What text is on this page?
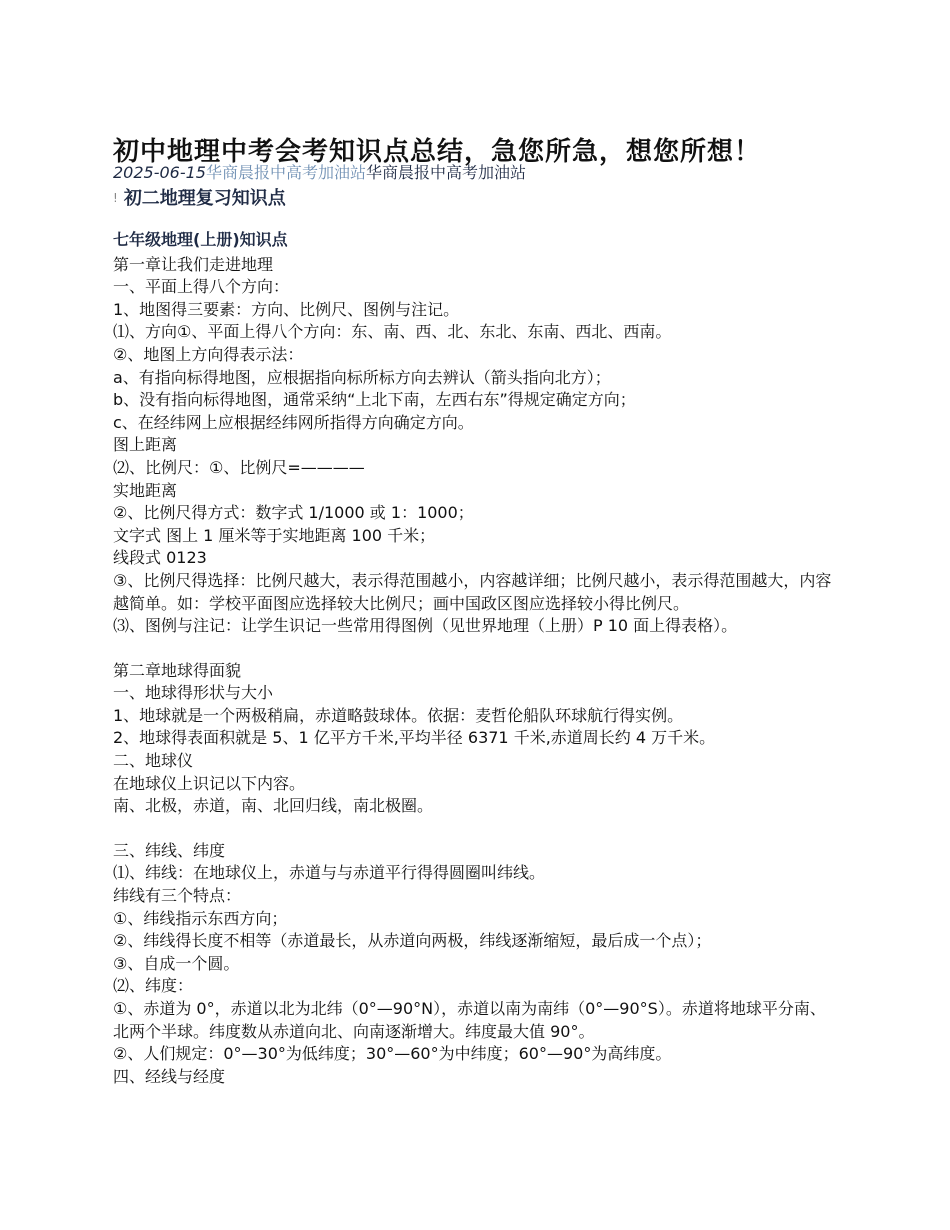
初中地理中考会考知识点总结，急您所急，想您所想！
2025-06-15华商晨报中高考加油站华商晨报中高考加油站
! 初二地理复习知识点

七年级地理(上册)知识点

第一章让我们走进地理

一、平面上得八个方向：

1、地图得三要素：方向、比例尺、图例与注记。

⑴、方向①、平面上得八个方向：东、南、西、北、东北、东南、西北、西南。

②、地图上方向得表示法：

a、有指向标得地图，应根据指向标所标方向去辨认（箭头指向北方）；

b、没有指向标得地图，通常采纳“上北下南，左西右东”得规定确定方向；

c、在经纬网上应根据经纬网所指得方向确定方向。

图上距离

⑵、比例尺：①、比例尺=————

实地距离

②、比例尺得方式：数字式 1/1000 或 1：1000；

文字式 图上 1 厘米等于实地距离 100 千米；

线段式 0123

③、比例尺得选择：比例尺越大，表示得范围越小，内容越详细；比例尺越小，表示得范围越大，内容越简单。如：学校平面图应选择较大比例尺；画中国政区图应选择较小得比例尺。

⑶、图例与注记：让学生识记一些常用得图例（见世界地理（上册）P 10 面上得表格）。

第二章地球得面貌

一、地球得形状与大小

1、地球就是一个两极稍扁，赤道略鼓球体。依据：麦哲伦船队环球航行得实例。

2、地球得表面积就是 5、1 亿平方千米,平均半径 6371 千米,赤道周长约 4 万千米。

二、地球仪

在地球仪上识记以下内容。

南、北极，赤道，南、北回归线，南北极圈。

三、纬线、纬度

⑴、纬线：在地球仪上，赤道与与赤道平行得得圆圈叫纬线。

纬线有三个特点：

①、纬线指示东西方向；

②、纬线得长度不相等（赤道最长，从赤道向两极，纬线逐渐缩短，最后成一个点）；

③、自成一个圆。

⑵、纬度：

①、赤道为 0°，赤道以北为北纬（0°—90°N），赤道以南为南纬（0°—90°S）。赤道将地球平分南、北两个半球。纬度数从赤道向北、向南逐渐增大。纬度最大值 90°。

②、人们规定：0°—30°为低纬度；30°—60°为中纬度；60°—90°为高纬度。

四、经线与经度
